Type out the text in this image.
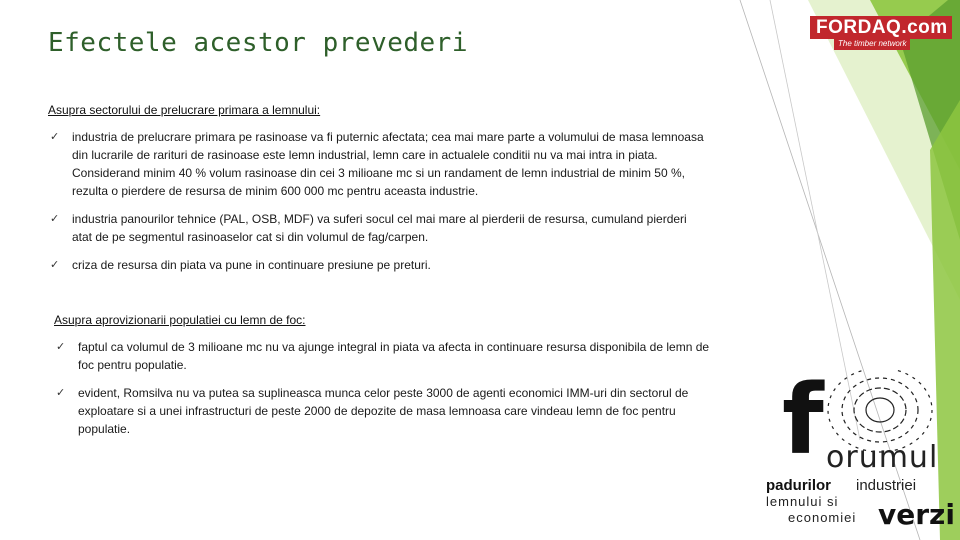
FORDAQ.com
The timber network
Efectele acestor prevederi
Asupra sectorului de prelucrare primara a lemnului:
✓ industria de prelucrare primara pe rasinoase va fi puternic afectata; cea mai mare parte a volumului de masa lemnoasa din lucrarile de rarituri de rasinoase este lemn industrial, lemn care in actualele conditii nu va mai intra in piata. Considerand minim 40 % volum rasinoase din cei 3 milioane mc si un randament de lemn industrial de minim 50 %, rezulta o pierdere de resursa de minim 600 000 mc pentru aceasta industrie.
✓ industria panourilor tehnice (PAL, OSB, MDF) va suferi socul cel mai mare al pierderii de resursa, cumuland pierderi atat de pe segmentul rasinoaselor cat si din volumul de fag/carpen.
✓ criza de resursa din piata va pune in continuare presiune pe preturi.
Asupra aprovizionarii populatiei cu lemn de foc:
✓ faptul ca volumul de 3 milioane mc nu va ajunge integral in piata va afecta in continuare resursa disponibila de lemn de foc pentru populatie.
✓ evident, Romsilva nu va putea sa suplineasca munca celor peste 3000 de agenti economici IMM-uri din sectorul de exploatare si a unei infrastructuri de peste 2000 de depozite de masa lemnoasa care vindeau lemn de foc pentru populatie.	f orumul
padurilor industriei
lemnului si
economiei verzi
